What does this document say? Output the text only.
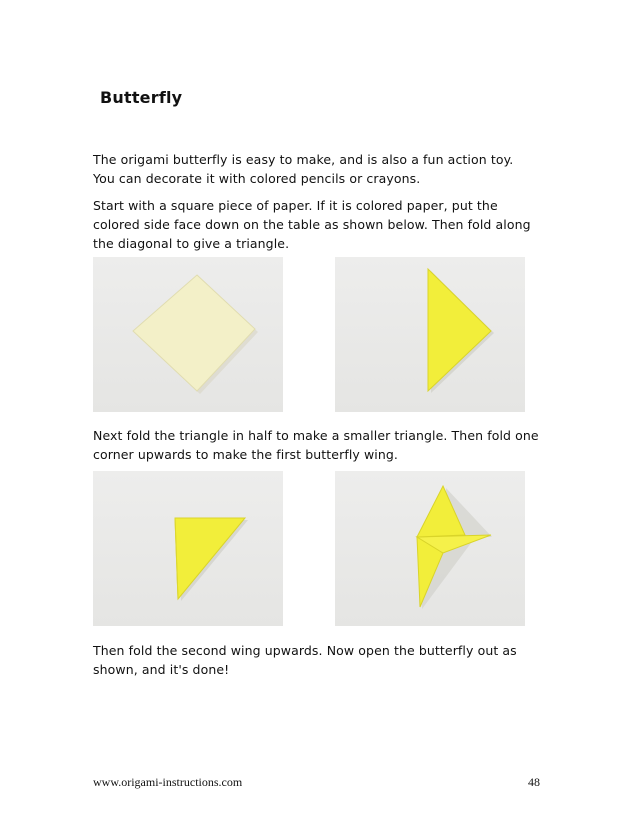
Butterfly
The origami butterfly is easy to make, and is also a fun action toy.
You can decorate it with colored pencils or crayons.
Start with a square piece of paper. If it is colored paper, put the
colored side face down on the table as shown below. Then fold along
the diagonal to give a triangle.
Next fold the triangle in half to make a smaller triangle. Then fold one
corner upwards to make the first butterfly wing.
Then fold the second wing upwards. Now open the butterfly out as
shown, and it's done!
www.origami-instructions.com	48
